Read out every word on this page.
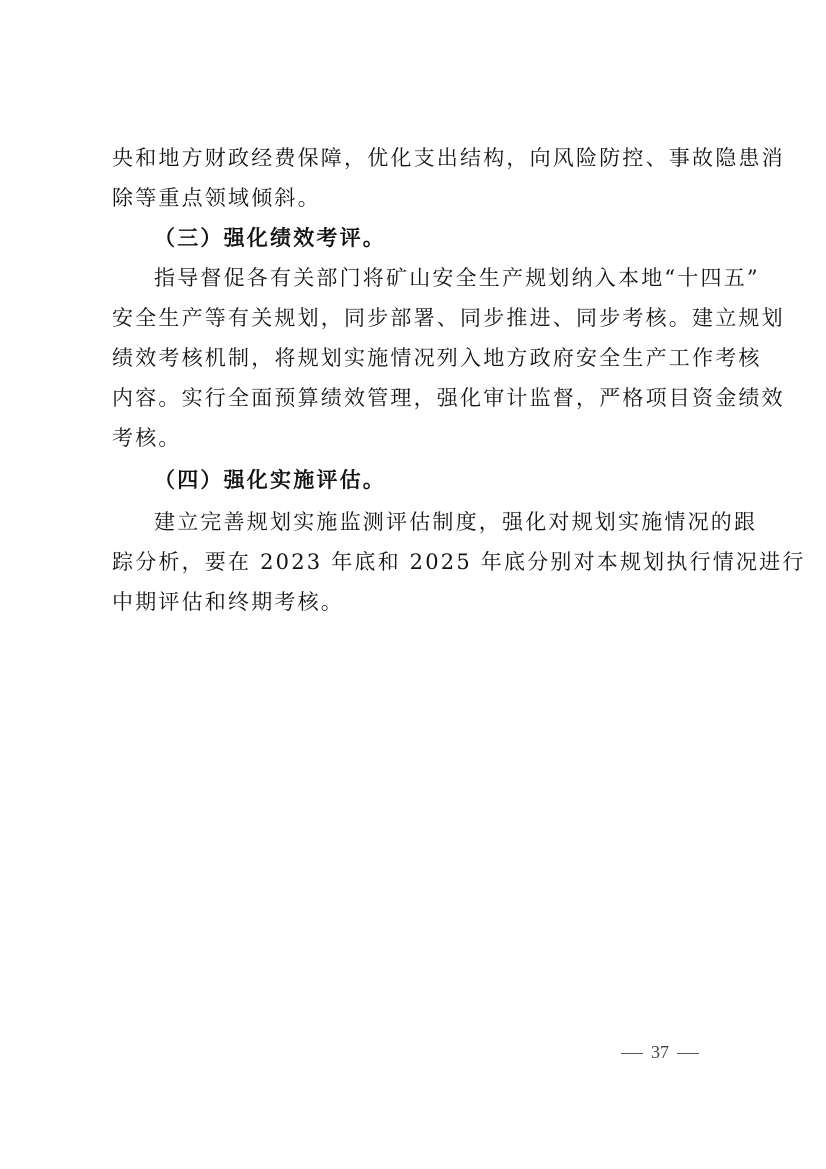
央和地方财政经费保障，优化支出结构，向风险防控、事故隐患消
除等重点领域倾斜。
（三）强化绩效考评。
指导督促各有关部门将矿山安全生产规划纳入本地“十四五”
安全生产等有关规划，同步部署、同步推进、同步考核。建立规划
绩效考核机制，将规划实施情况列入地方政府安全生产工作考核
内容。实行全面预算绩效管理，强化审计监督，严格项目资金绩效
考核。
（四）强化实施评估。
建立完善规划实施监测评估制度，强化对规划实施情况的跟
踪分析，要在 2023 年底和 2025 年底分别对本规划执行情况进行
中期评估和终期考核。
37
